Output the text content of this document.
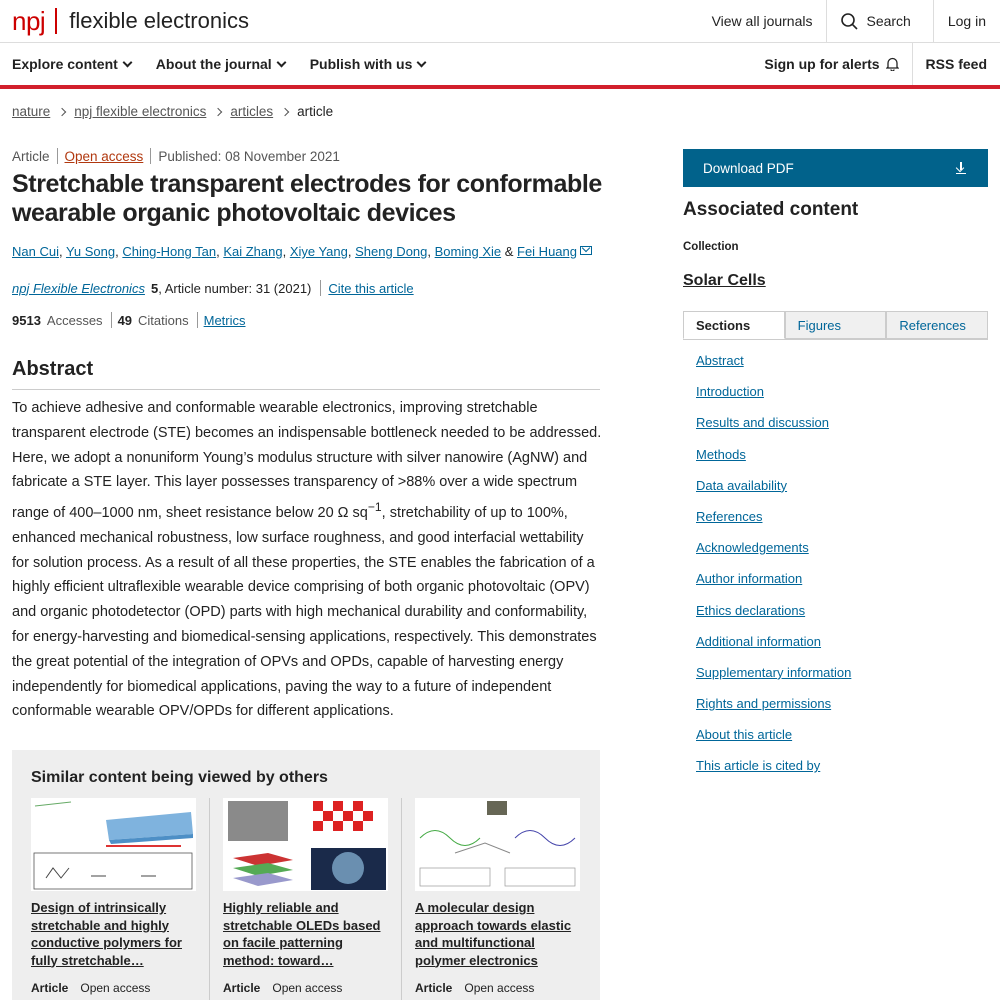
npj flexible electronics	View all journals	Search	Log in
Explore content	About the journal	Publish with us	Sign up for alerts	RSS feed
nature npj flexible electronics articles article
Article Open access Published: 08 November 2021
Stretchable transparent electrodes for conformable wearable organic photovoltaic devices
Nan Cui, Yu Song, Ching-Hong Tan, Kai Zhang, Xiye Yang, Sheng Dong, Boming Xie & Fei Huang
npj Flexible Electronics 5 , Article number: 31 (2021) Cite this article
9513 Accesses 49 Citations Metrics
Abstract

To achieve adhesive and conformable wearable electronics, improving stretchable transparent electrode (STE) becomes an indispensable bottleneck needed to be addressed. Here, we adopt a nonuniform Young’s modulus structure with silver nanowire (AgNW) and fabricate a STE layer. This layer possesses transparency of >88% over a wide spectrum range of 400–1000 nm, sheet resistance below 20 Ω $sq^{-1}$, stretchability of up to 100%, enhanced mechanical robustness, low surface roughness, and good interfacial wettability for solution process. As a result of all these properties, the STE enables the fabrication of a highly efficient ultraflexible wearable device comprising of both organic photovoltaic (OPV) and organic photodetector (OPD) parts with high mechanical durability and conformability, for energy-harvesting and biomedical-sensing applications, respectively. This demonstrates the great potential of the integration of OPVs and OPDs, capable of harvesting energy independently for biomedical applications, paving the way to a future of independent conformable wearable OPV/OPDs for different applications.

Similar content being viewed by others
Design of intrinsically stretchable and highly conductive polymers for fully stretchable…
Article Open access
Highly reliable and stretchable OLEDs based on facile patterning method: toward…
Article Open access
A molecular design approach towards elastic and multifunctional polymer electronics
Article Open access
Download PDF
Associated content
Collection
Solar Cells
Sections	Figures	References
Abstract
Introduction
Results and discussion
Methods
Data availability
References
Acknowledgements
Author information
Ethics declarations
Additional information
Supplementary information
Rights and permissions
About this article
This article is cited by
